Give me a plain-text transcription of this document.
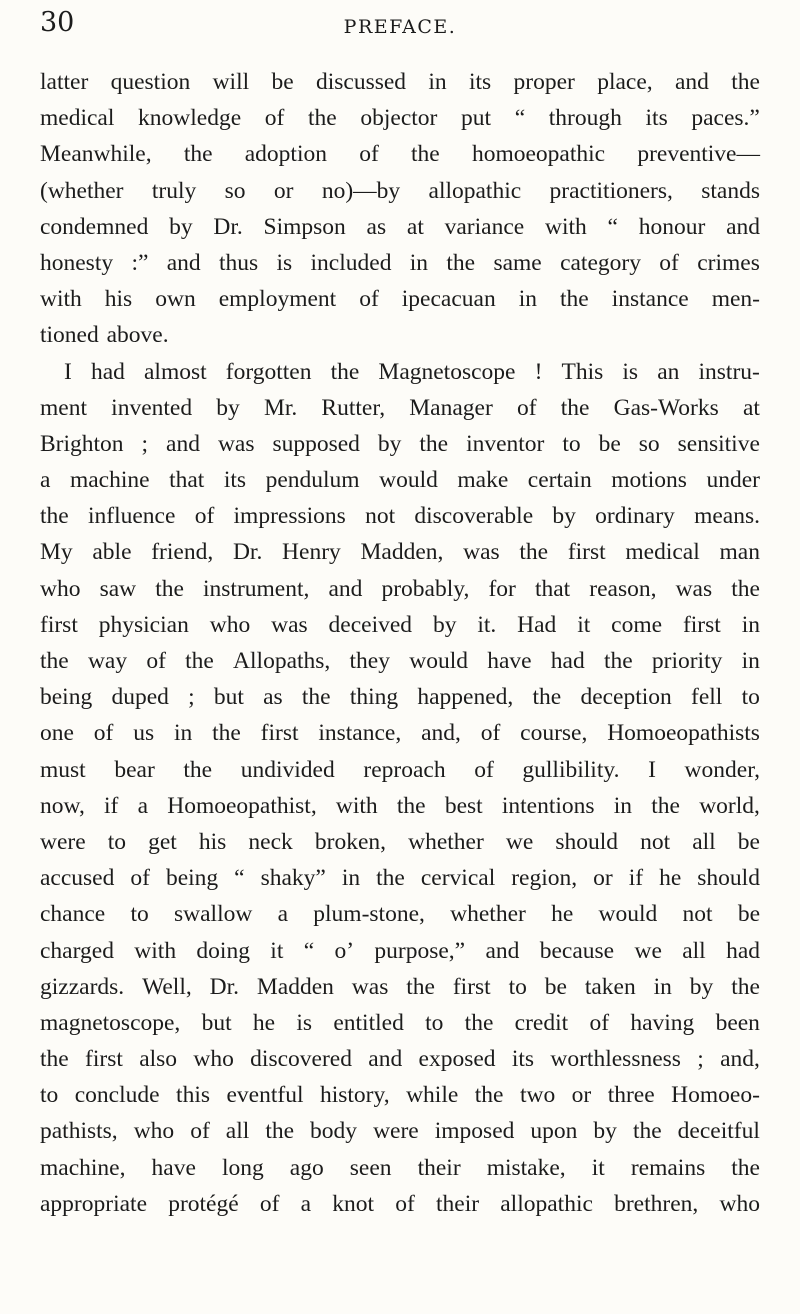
30	PREFACE.
latter question will be discussed in its proper place, and the
medical knowledge of the objector put “ through its paces.”
Meanwhile, the adoption of the homoeopathic preventive—
(whether truly so or no)—by allopathic practitioners, stands
condemned by Dr. Simpson as at variance with “ honour and
honesty :” and thus is included in the same category of crimes
with his own employment of ipecacuan in the instance men-
tioned above.
I had almost forgotten the Magnetoscope ! This is an instru-
ment invented by Mr. Rutter, Manager of the Gas-Works at
Brighton ; and was supposed by the inventor to be so sensitive
a machine that its pendulum would make certain motions under
the influence of impressions not discoverable by ordinary means.
My able friend, Dr. Henry Madden, was the first medical man
who saw the instrument, and probably, for that reason, was the
first physician who was deceived by it. Had it come first in
the way of the Allopaths, they would have had the priority in
being duped ; but as the thing happened, the deception fell to
one of us in the first instance, and, of course, Homoeopathists
must bear the undivided reproach of gullibility. I wonder,
now, if a Homoeopathist, with the best intentions in the world,
were to get his neck broken, whether we should not all be
accused of being “ shaky” in the cervical region, or if he should
chance to swallow a plum-stone, whether he would not be
charged with doing it “ o’ purpose,” and because we all had
gizzards. Well, Dr. Madden was the first to be taken in by the
magnetoscope, but he is entitled to the credit of having been
the first also who discovered and exposed its worthlessness ; and,
to conclude this eventful history, while the two or three Homoeo-
pathists, who of all the body were imposed upon by the deceitful
machine, have long ago seen their mistake, it remains the
appropriate protégé of a knot of their allopathic brethren, who
